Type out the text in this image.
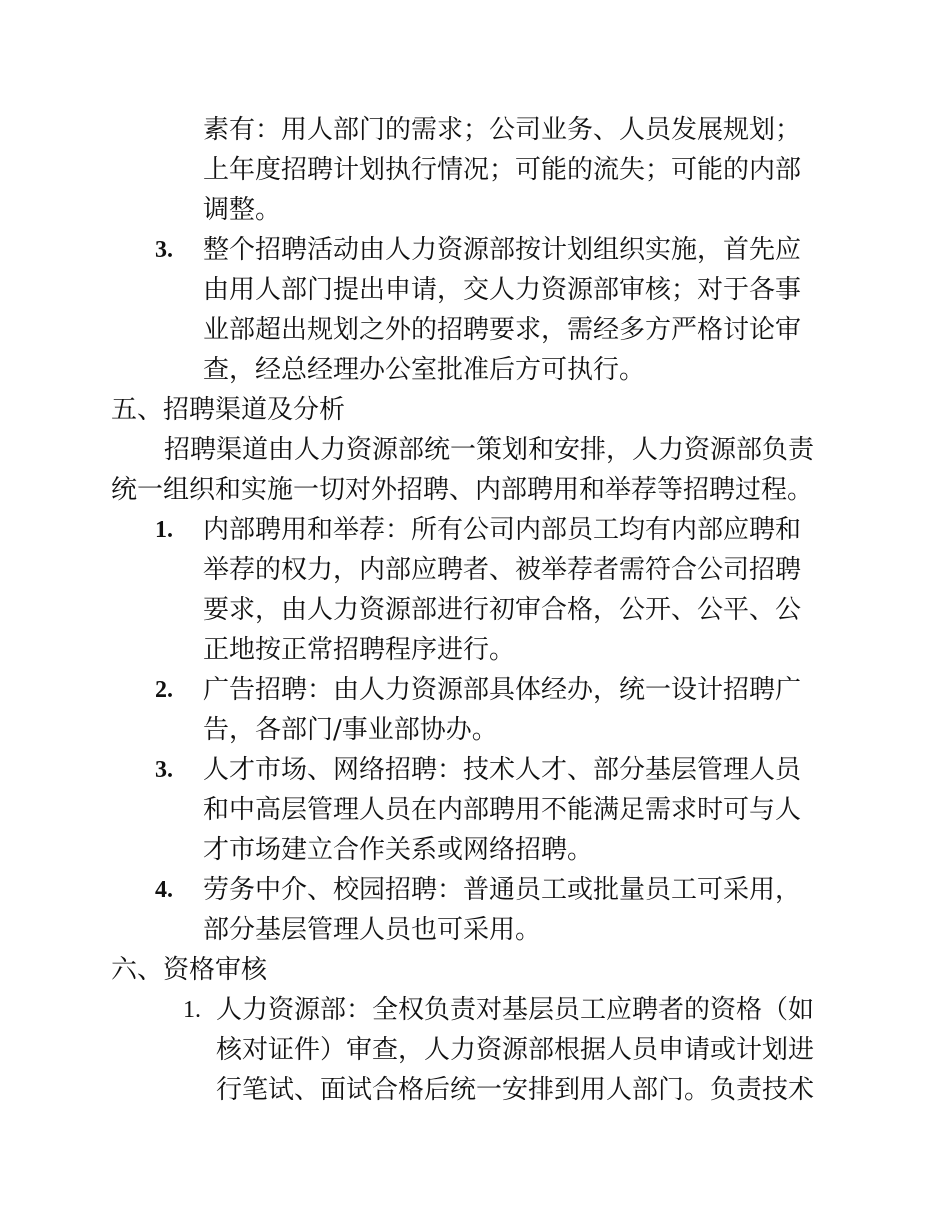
素有：用人部门的需求；公司业务、人员发展规划；

上年度招聘计划执行情况；可能的流失；可能的内部

调整。

3. 整个招聘活动由人力资源部按计划组织实施，首先应

由用人部门提出申请，交人力资源部审核；对于各事

业部超出规划之外的招聘要求，需经多方严格讨论审

查，经总经理办公室批准后方可执行。

五、招聘渠道及分析

招聘渠道由人力资源部统一策划和安排，人力资源部负责

统一组织和实施一切对外招聘、内部聘用和举荐等招聘过程。

1. 内部聘用和举荐：所有公司内部员工均有内部应聘和

举荐的权力，内部应聘者、被举荐者需符合公司招聘

要求，由人力资源部进行初审合格，公开、公平、公

正地按正常招聘程序进行。

2. 广告招聘：由人力资源部具体经办，统一设计招聘广

告，各部门/事业部协办。

3. 人才市场、网络招聘：技术人才、部分基层管理人员

和中高层管理人员在内部聘用不能满足需求时可与人

才市场建立合作关系或网络招聘。

4. 劳务中介、校园招聘：普通员工或批量员工可采用，

部分基层管理人员也可采用。

六、资格审核
1. 人力资源部：全权负责对基层员工应聘者的资格（如

核对证件）审查，人力资源部根据人员申请或计划进

行笔试、面试合格后统一安排到用人部门。负责技术
